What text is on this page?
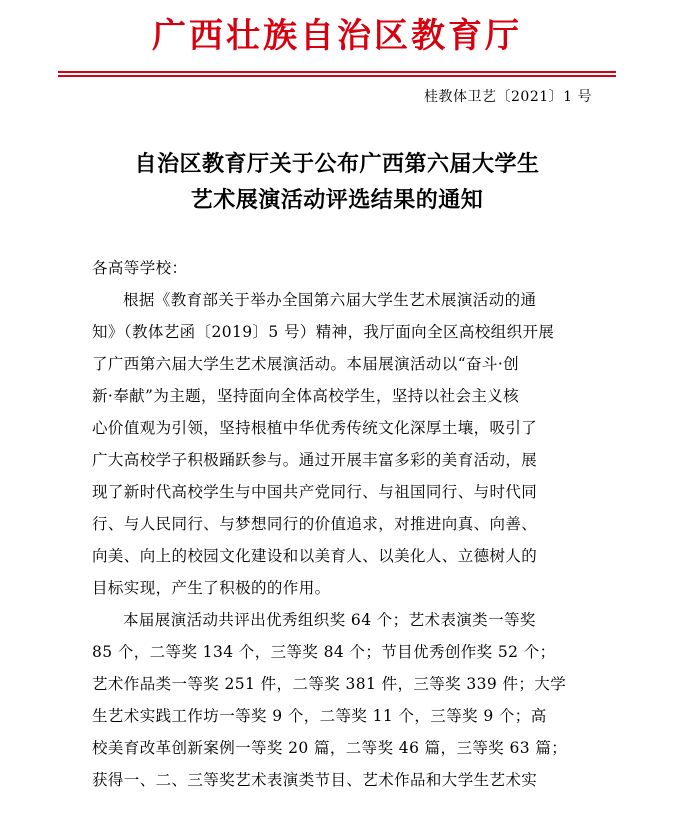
广西壮族自治区教育厅
桂教体卫艺〔2021〕1 号
自治区教育厅关于公布广西第六届大学生
艺术展演活动评选结果的通知
各高等学校：
根据《教育部关于举办全国第六届大学生艺术展演活动的通
知》（教体艺函〔2019〕5 号）精神，我厅面向全区高校组织开展
了广西第六届大学生艺术展演活动。本届展演活动以“奋斗·创
新·奉献”为主题，坚持面向全体高校学生，坚持以社会主义核
心价值观为引领，坚持根植中华优秀传统文化深厚土壤，吸引了
广大高校学子积极踊跃参与。通过开展丰富多彩的美育活动，展
现了新时代高校学生与中国共产党同行、与祖国同行、与时代同
行、与人民同行、与梦想同行的价值追求，对推进向真、向善、
向美、向上的校园文化建设和以美育人、以美化人、立德树人的
目标实现，产生了积极的的作用。
本届展演活动共评出优秀组织奖 64 个；艺术表演类一等奖
85 个，二等奖 134 个，三等奖 84 个；节目优秀创作奖 52 个；
艺术作品类一等奖 251 件，二等奖 381 件，三等奖 339 件；大学
生艺术实践工作坊一等奖 9 个，二等奖 11 个，三等奖 9 个；高
校美育改革创新案例一等奖 20 篇，二等奖 46 篇，三等奖 63 篇；
获得一、二、三等奖艺术表演类节目、艺术作品和大学生艺术实
